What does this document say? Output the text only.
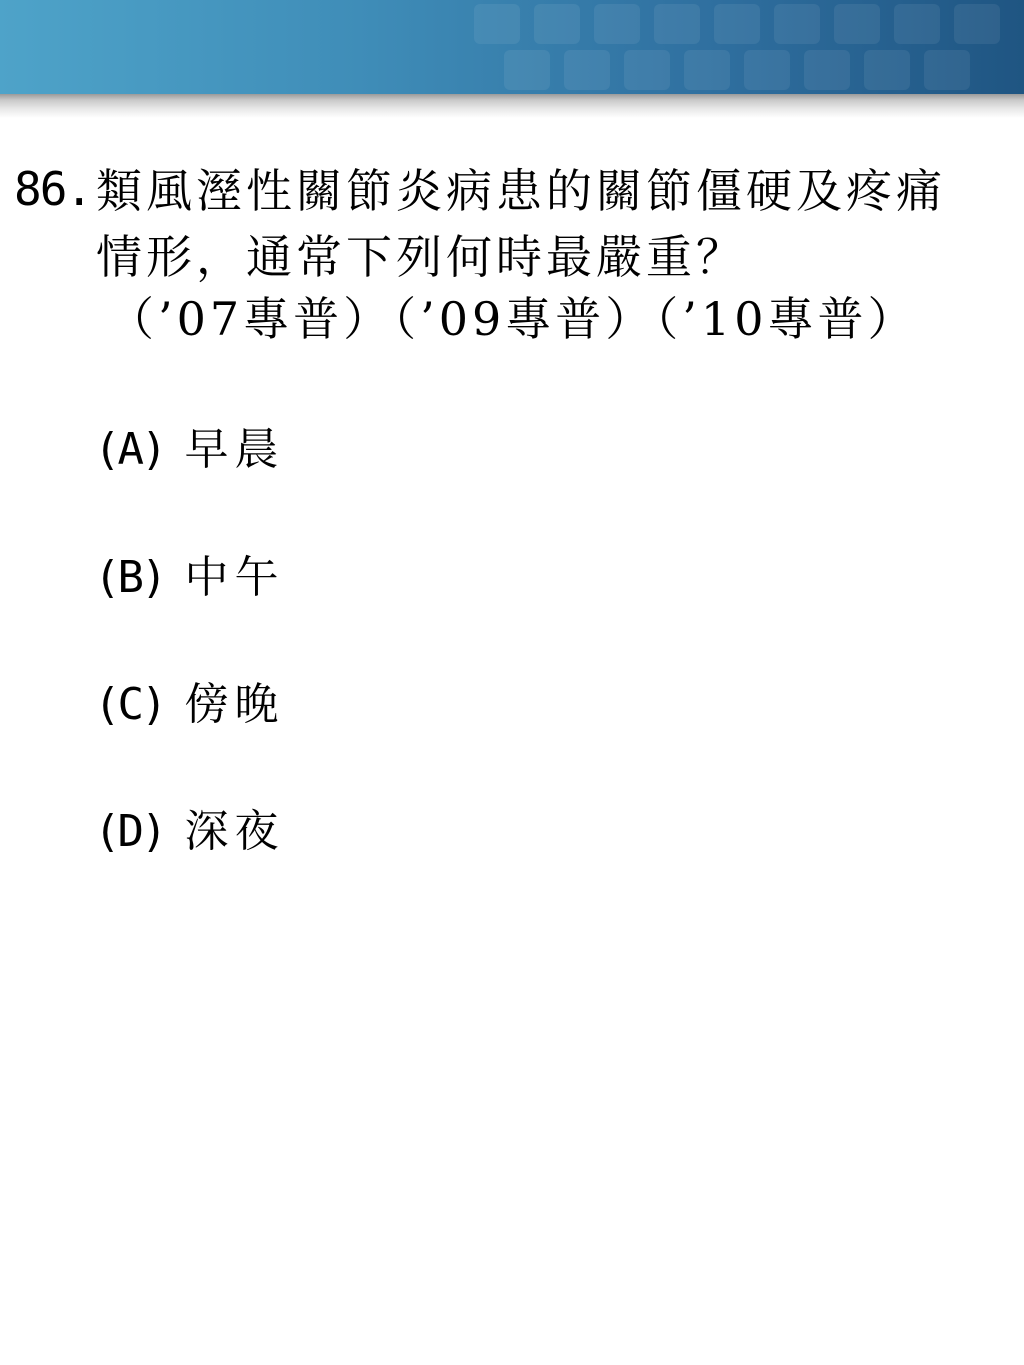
86. 類風溼性關節炎病患的關節僵硬及疼痛
情形，通常下列何時最嚴重？
（’07專普）（’09專普）（’10專普）
(A) 早晨
(B) 中午
(C) 傍晚
(D) 深夜
